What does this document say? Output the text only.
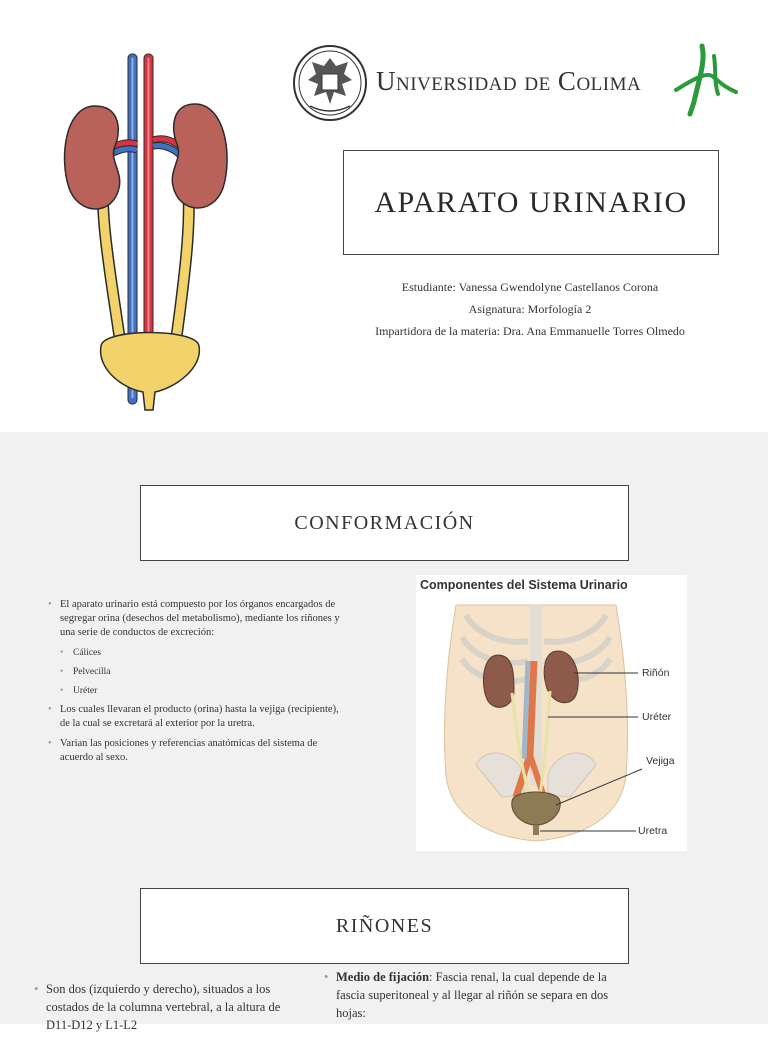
Universidad de Colima
APARATO URINARIO
Estudiante: Vanessa Gwendolyne Castellanos Corona
Asignatura: Morfología 2
Impartidora de la materia: Dra. Ana Emmanuelle Torres Olmedo
CONFORMACIÓN
• El aparato urinario está compuesto por los órganos encargados de segregar orina (desechos del metabolismo), mediante los riñones y una serie de conductos de excreción:
• Cálices
• Pelvecilla
• Uréter
• Los cuales llevaran el producto (orina) hasta la vejiga (recipiente), de la cual se excretará al exterior por la uretra.
• Varian las posiciones y referencias anatómicas del sistema de acuerdo al sexo.
Componentes del Sistema Urinario
Riñón
Uréter
Vejiga
Uretra
RIÑONES
• Son dos (izquierdo y derecho), situados a los costados de la columna vertebral, a la altura de D11-D12 y L1-L2
• Medio de fijación: Fascia renal, la cual depende de la fascia superitoneal y al llegar al riñón se separa en dos hojas:
